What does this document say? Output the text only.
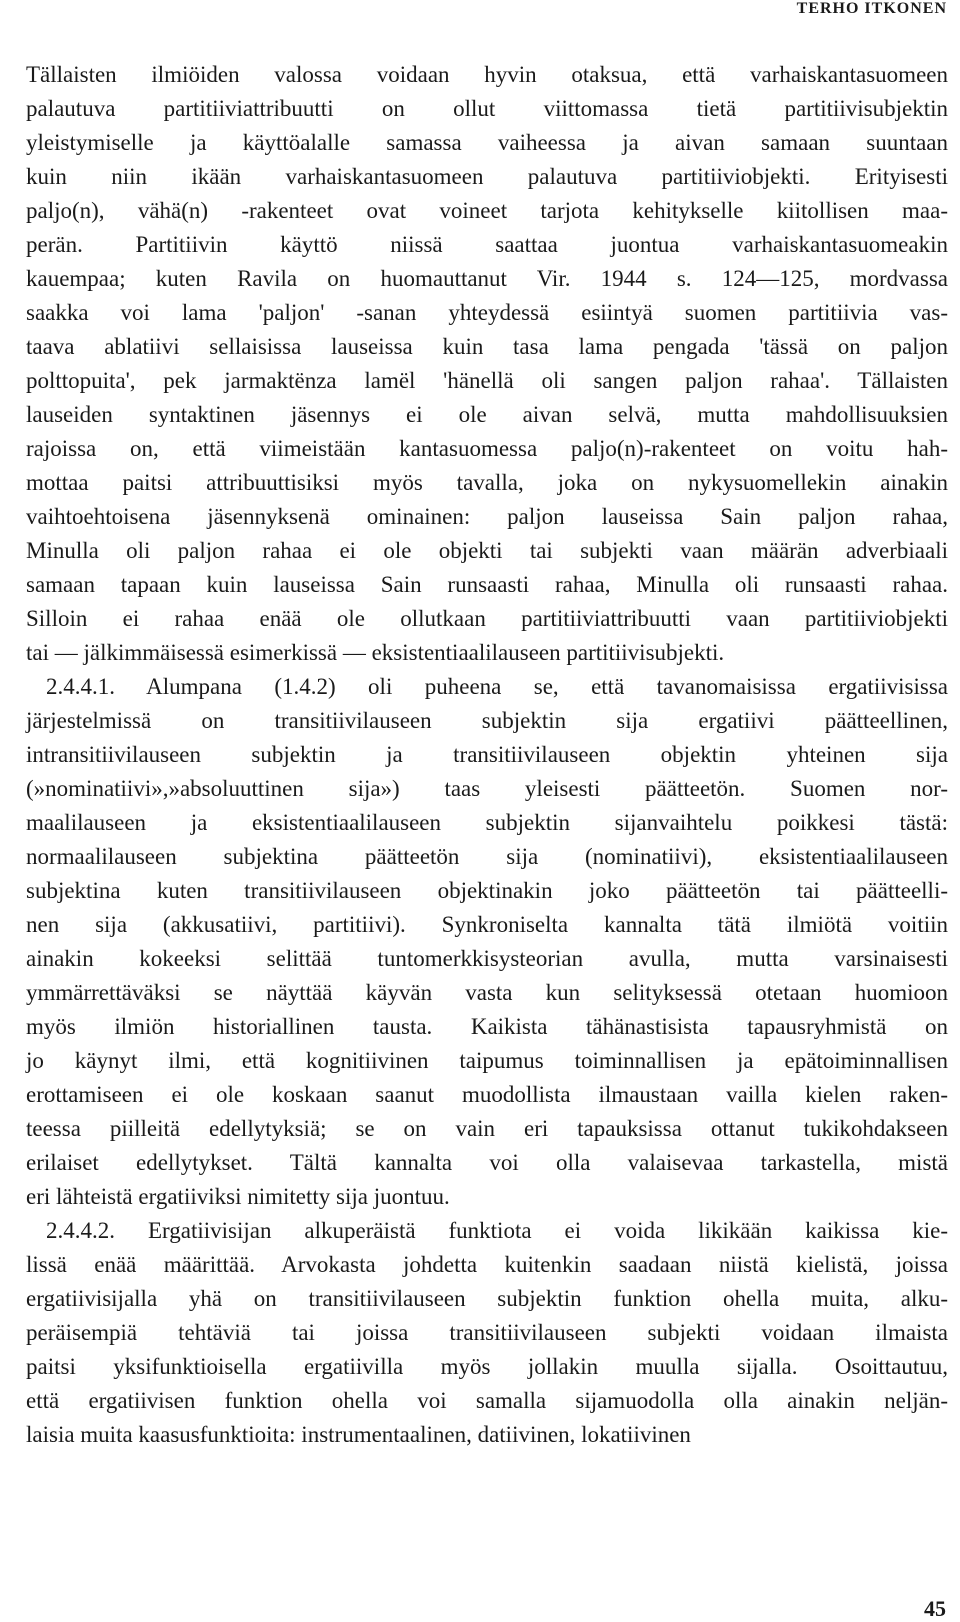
TERHO ITKONEN
Tällaisten ilmiöiden valossa voidaan hyvin otaksua, että varhaiskantasuomeen
palautuva partitiiviattribuutti on ollut viittomassa tietä partitiivisubjektin
yleistymiselle ja käyttöalalle samassa vaiheessa ja aivan samaan suuntaan
kuin niin ikään varhaiskantasuomeen palautuva partitiiviobjekti. Erityisesti
paljo(n), vähä(n) -rakenteet ovat voineet tarjota kehitykselle kiitollisen maa-
perän. Partitiivin käyttö niissä saattaa juontua varhaiskantasuomeakin
kauempaa; kuten Ravila on huomauttanut Vir. 1944 s. 124—125, mordvassa
saakka voi lama 'paljon' -sanan yhteydessä esiintyä suomen partitiivia vas-
taava ablatiivi sellaisissa lauseissa kuin tasa lama pengada 'tässä on paljon
polttopuita', pek jarmaktënza lamël 'hänellä oli sangen paljon rahaa'. Tällaisten
lauseiden syntaktinen jäsennys ei ole aivan selvä, mutta mahdollisuuksien
rajoissa on, että viimeistään kantasuomessa paljo(n)-rakenteet on voitu hah-
mottaa paitsi attribuuttisiksi myös tavalla, joka on nykysuomellekin ainakin
vaihtoehtoisena jäsennyksenä ominainen: paljon lauseissa Sain paljon rahaa,
Minulla oli paljon rahaa ei ole objekti tai subjekti vaan määrän adverbiaali
samaan tapaan kuin lauseissa Sain runsaasti rahaa, Minulla oli runsaasti rahaa.
Silloin ei rahaa enää ole ollutkaan partitiiviattribuutti vaan partitiiviobjekti
tai — jälkimmäisessä esimerkissä — eksistentiaalilauseen partitiivisubjekti.
2.4.4.1. Alumpana (1.4.2) oli puheena se, että tavanomaisissa ergatiivisissa
järjestelmissä on transitiivilauseen subjektin sija ergatiivi päätteellinen,
intransitiivilauseen subjektin ja transitiivilauseen objektin yhteinen sija
(»nominatiivi»,»absoluuttinen sija») taas yleisesti päätteetön. Suomen nor-
maalilauseen ja eksistentiaalilauseen subjektin sijanvaihtelu poikkesi tästä:
normaalilauseen subjektina päätteetön sija (nominatiivi), eksistentiaalilauseen
subjektina kuten transitiivilauseen objektinakin joko päätteetön tai päätteelli-
nen sija (akkusatiivi, partitiivi). Synkroniselta kannalta tätä ilmiötä voitiin
ainakin kokeeksi selittää tuntomerkkisysteorian avulla, mutta varsinaisesti
ymmärrettäväksi se näyttää käyvän vasta kun selityksessä otetaan huomioon
myös ilmiön historiallinen tausta. Kaikista tähänastisista tapausryhmistä on
jo käynyt ilmi, että kognitiivinen taipumus toiminnallisen ja epätoiminnallisen
erottamiseen ei ole koskaan saanut muodollista ilmaustaan vailla kielen raken-
teessa piilleitä edellytyksiä; se on vain eri tapauksissa ottanut tukikohdakseen
erilaiset edellytykset. Tältä kannalta voi olla valaisevaa tarkastella, mistä
eri lähteistä ergatiiviksi nimitetty sija juontuu.
2.4.4.2. Ergatiivisijan alkuperäistä funktiota ei voida likikään kaikissa kie-
lissä enää määrittää. Arvokasta johdetta kuitenkin saadaan niistä kielistä, joissa
ergatiivisijalla yhä on transitiivilauseen subjektin funktion ohella muita, alku-
peräisempiä tehtäviä tai joissa transitiivilauseen subjekti voidaan ilmaista
paitsi yksifunktioisella ergatiivilla myös jollakin muulla sijalla. Osoittautuu,
että ergatiivisen funktion ohella voi samalla sijamuodolla olla ainakin neljän-
laisia muita kaasusfunktioita: instrumentaalinen, datiivinen, lokatiivinen
45
